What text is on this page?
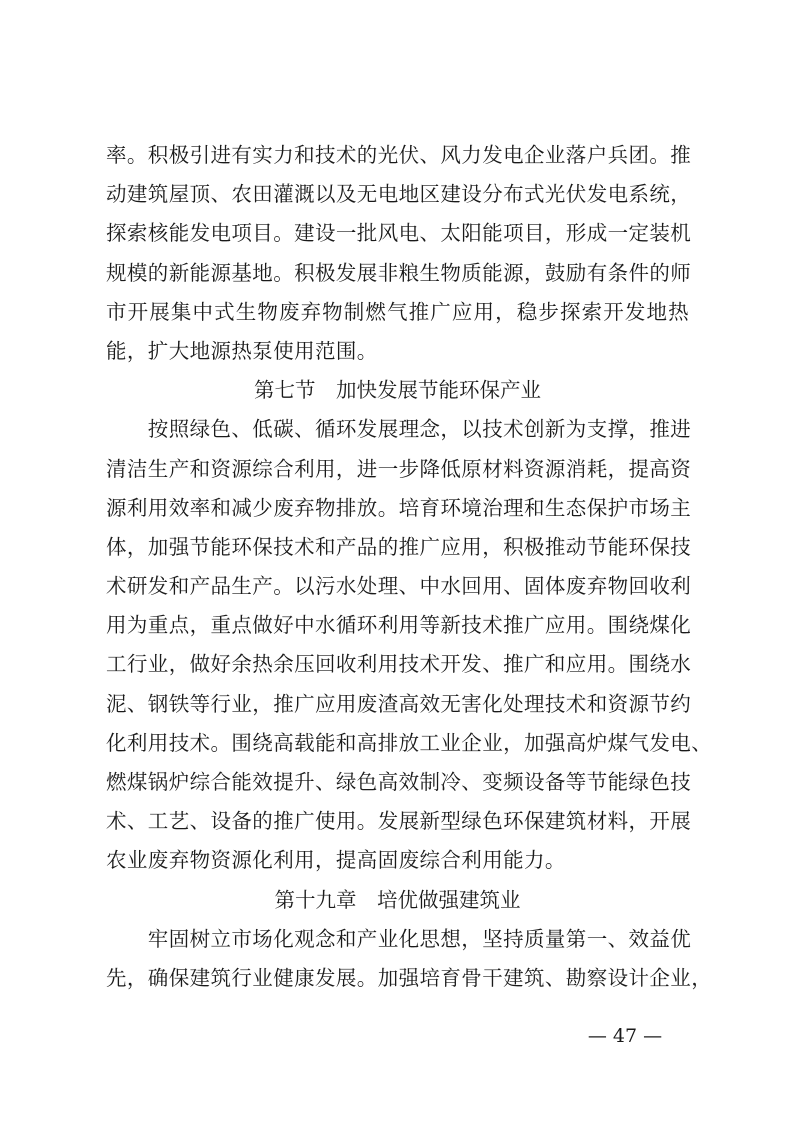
率。积极引进有实力和技术的光伏、风力发电企业落户兵团。推
动建筑屋顶、农田灌溉以及无电地区建设分布式光伏发电系统，
探索核能发电项目。建设一批风电、太阳能项目，形成一定装机
规模的新能源基地。积极发展非粮生物质能源，鼓励有条件的师
市开展集中式生物废弃物制燃气推广应用，稳步探索开发地热
能，扩大地源热泵使用范围。
第七节　加快发展节能环保产业
　　按照绿色、低碳、循环发展理念，以技术创新为支撑，推进
清洁生产和资源综合利用，进一步降低原材料资源消耗，提高资
源利用效率和减少废弃物排放。培育环境治理和生态保护市场主
体，加强节能环保技术和产品的推广应用，积极推动节能环保技
术研发和产品生产。以污水处理、中水回用、固体废弃物回收利
用为重点，重点做好中水循环利用等新技术推广应用。围绕煤化
工行业，做好余热余压回收利用技术开发、推广和应用。围绕水
泥、钢铁等行业，推广应用废渣高效无害化处理技术和资源节约
化利用技术。围绕高载能和高排放工业企业，加强高炉煤气发电、
燃煤锅炉综合能效提升、绿色高效制冷、变频设备等节能绿色技
术、工艺、设备的推广使用。发展新型绿色环保建筑材料，开展
农业废弃物资源化利用，提高固废综合利用能力。
第十九章　培优做强建筑业
　　牢固树立市场化观念和产业化思想，坚持质量第一、效益优
先，确保建筑行业健康发展。加强培育骨干建筑、勘察设计企业，
— 47 —
